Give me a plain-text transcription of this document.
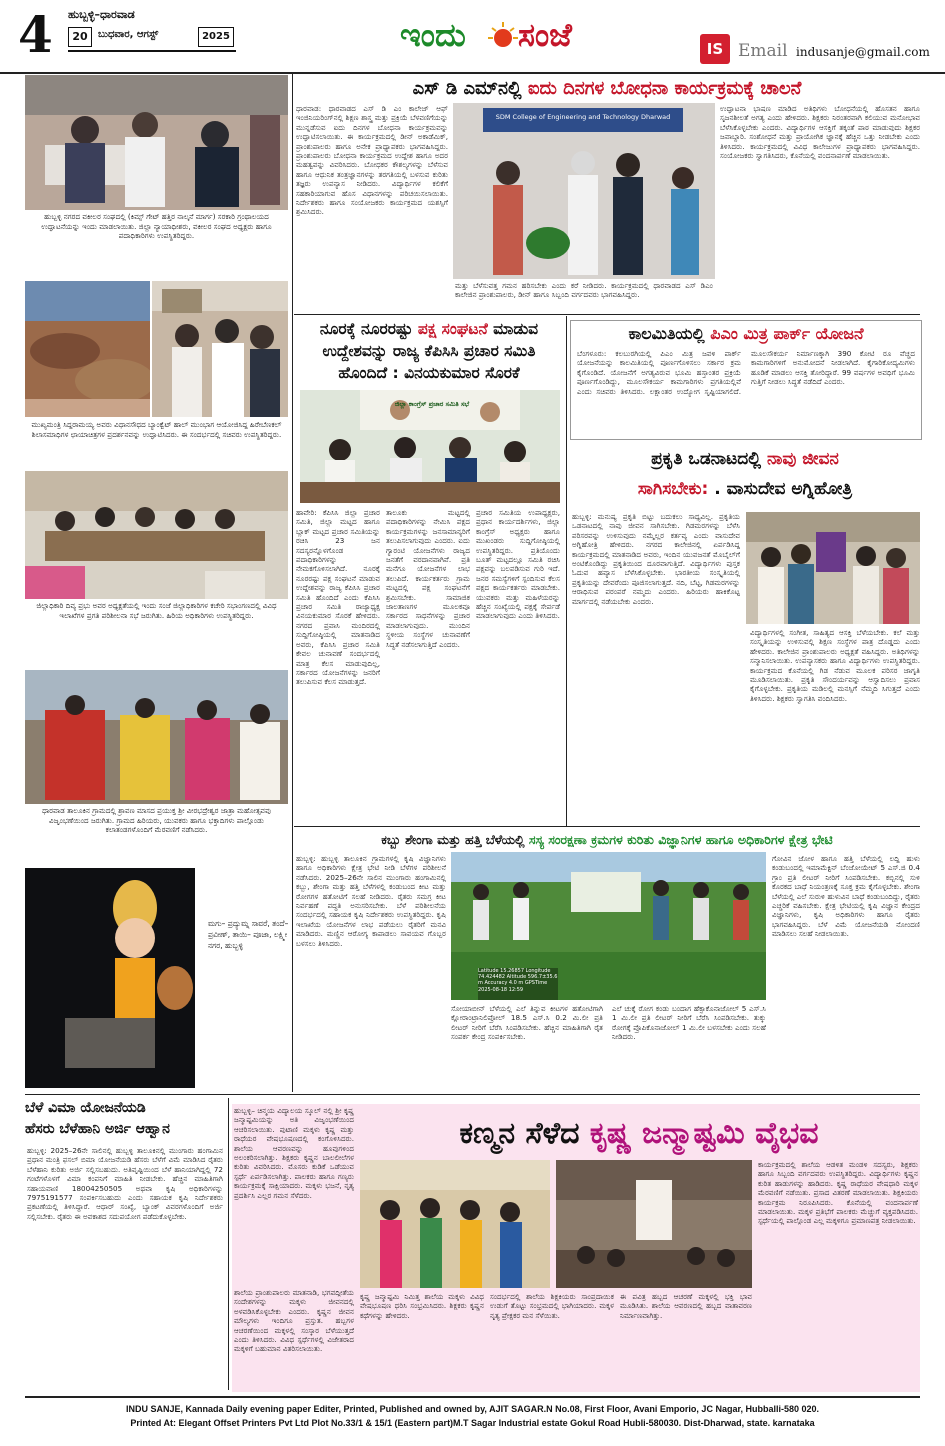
4 ಹುಬ್ಬಳ್ಳಿ–ಧಾರವಾಡ
20	ಬುಧವಾರ, ಆಗಸ್ಟ್	2025	ಇಂದು ಸಂಜೆ	IS Email indusanje@gmail.com
ಹುಬ್ಬಳ್ಳಿ ನಗರದ ವಕೀಲರ ಸಂಘದಲ್ಲಿ (ಕಿಮ್ಸ್ ಗೇಟ್ ಹತ್ತಿರ ನಾಲ್ಕನೆ ಮಾರ್ಗ) ಸರಕಾರಿ ಗ್ರಂಥಾಲಯದ ಉದ್ಘಾಟನೆಯನ್ನು ಇಂದು ಮಾಡಲಾಯಿತು. ಜಿಲ್ಲಾ ನ್ಯಾಯಾಧೀಶರು, ವಕೀಲರ ಸಂಘದ ಅಧ್ಯಕ್ಷರು ಹಾಗೂ ಪದಾಧಿಕಾರಿಗಳು ಉಪಸ್ಥಿತರಿದ್ದರು.
ಮುಖ್ಯಮಂತ್ರಿ ಸಿದ್ದರಾಮಯ್ಯ ಅವರು ವಿಧಾನಸೌಧದ ಬ್ಯಾಂಕ್ವೆಟ್ ಹಾಲ್ ಮುಂಭಾಗ ಆಯೋಜಿಸಿದ್ದ ಹಿರೇಬೆಣಕಲ್ ಶಿಲಾಸಮಾಧಿಗಳ ಛಾಯಾಚಿತ್ರಗಳ ಪ್ರದರ್ಶನವನ್ನು ಉದ್ಘಾಟಿಸಿದರು. ಈ ಸಂದರ್ಭದಲ್ಲಿ ಸಚಿವರು ಉಪಸ್ಥಿತರಿದ್ದರು.
ಜಿಲ್ಲಾಧಿಕಾರಿ ದಿವ್ಯ ಪ್ರಭು ಅವರ ಅಧ್ಯಕ್ಷತೆಯಲ್ಲಿ ಇಂದು ಸಂಜೆ ಜಿಲ್ಲಾಧಿಕಾರಿಗಳ ಕಚೇರಿ ಸಭಾಂಗಣದಲ್ಲಿ ವಿವಿಧ ಇಲಾಖೆಗಳ ಪ್ರಗತಿ ಪರಿಶೀಲನಾ ಸಭೆ ಜರುಗಿತು. ಹಿರಿಯ ಅಧಿಕಾರಿಗಳು ಉಪಸ್ಥಿತರಿದ್ದರು.
ಧಾರವಾಡ ತಾಲೂಕಿನ ಗ್ರಾಮದಲ್ಲಿ ಶ್ರಾವಣ ಮಾಸದ ಪ್ರಯುಕ್ತ ಶ್ರೀ ವೀರಭದ್ರೇಶ್ವರ ಜಾತ್ರಾ ಮಹೋತ್ಸವವು ವಿಜೃಂಭಣೆಯಿಂದ ಜರುಗಿತು. ಗ್ರಾಮದ ಹಿರಿಯರು, ಯುವಕರು ಹಾಗೂ ಭಕ್ತಾದಿಗಳು ಪಾಲ್ಗೊಂಡು ಕಲಾತಂಡಗಳೊಂದಿಗೆ ಮೆರವಣಿಗೆ ನಡೆಸಿದರು.
ಮಗು– ಪ್ರದ್ಯುಮ್ನ ಸಾವರೆ, ತಂದೆ– ಪ್ರವೀಣ್, ತಾಯಿ– ಪೂಜಾ, ಲಕ್ಷ್ಮೀ ನಗರ, ಹುಬ್ಬಳ್ಳಿ
ಎಸ್ ಡಿ ಎಮ್‌ನಲ್ಲಿ ಐದು ದಿನಗಳ ಬೋಧನಾ ಕಾರ್ಯಕ್ರಮಕ್ಕೆ ಚಾಲನೆ
ಧಾರವಾಡ: ಧಾರವಾಡದ ಎಸ್ ಡಿ ಎಂ ಕಾಲೇಜ್ ಆಫ್ ಇಂಜಿನಿಯರಿಂಗ್‌ನಲ್ಲಿ ಶಿಕ್ಷಣ ಶಾಸ್ತ್ರ ಮತ್ತು ಪ್ರಕ್ರಿಯೆ ಬೆಳವಣಿಗೆಯನ್ನು ಮುನ್ನಡೆಸುವ ಐದು ದಿನಗಳ ಬೋಧನಾ ಕಾರ್ಯಕ್ರಮವನ್ನು ಉದ್ಘಾಟಿಸಲಾಯಿತು. ಈ ಕಾರ್ಯಕ್ರಮದಲ್ಲಿ ಡೀನ್ ಅಕಾಡೆಮಿಕ್, ಪ್ರಾಂಶುಪಾಲರು ಹಾಗೂ ಅನೇಕ ಪ್ರಾಧ್ಯಾಪಕರು ಭಾಗವಹಿಸಿದ್ದರು. ಪ್ರಾಂಶುಪಾಲರು ಬೋಧನಾ ಕಾರ್ಯಕ್ರಮದ ಉದ್ದೇಶ ಹಾಗೂ ಅದರ ಮಹತ್ವವನ್ನು ವಿವರಿಸಿದರು. ಬೋಧಕರ ಕೌಶಲ್ಯಗಳನ್ನು ಬೆಳೆಸುವ ಹಾಗೂ ಆಧುನಿಕ ತಂತ್ರಜ್ಞಾನಗಳನ್ನು ತರಗತಿಯಲ್ಲಿ ಬಳಸುವ ಕುರಿತು ತಜ್ಞರು ಉಪನ್ಯಾಸ ನೀಡಿದರು. ವಿದ್ಯಾರ್ಥಿಗಳ ಕಲಿಕೆಗೆ ಸಹಕಾರಿಯಾಗುವ ಹೊಸ ವಿಧಾನಗಳನ್ನು ಪರಿಚಯಿಸಲಾಯಿತು. ನಿರ್ದೇಶಕರು ಹಾಗೂ ಸಂಯೋಜಕರು ಕಾರ್ಯಕ್ರಮದ ಯಶಸ್ಸಿಗೆ ಶ್ರಮಿಸಿದರು.
SDM College of Engineering and Technology Dharwad
ಮತ್ತು ಬೆಳೆಸುವತ್ತ ಗಮನ ಹರಿಸಬೇಕು ಎಂದು ಕರೆ ನೀಡಿದರು. ಕಾರ್ಯಕ್ರಮದಲ್ಲಿ ಧಾರವಾಡದ ಎಸ್ ಡಿಎಂ ಕಾಲೇಜಿನ ಪ್ರಾಂಶುಪಾಲರು, ಡೀನ್ ಹಾಗೂ ಸಿಬ್ಬಂದಿ ವರ್ಗದವರು ಭಾಗವಹಿಸಿದ್ದರು.
ಉದ್ಘಾಟನಾ ಭಾಷಣ ಮಾಡಿದ ಅತಿಥಿಗಳು ಬೋಧನೆಯಲ್ಲಿ ಹೊಸತನ ಹಾಗೂ ಸೃಜನಶೀಲತೆ ಅಗತ್ಯ ಎಂದು ಹೇಳಿದರು. ಶಿಕ್ಷಕರು ನಿರಂತರವಾಗಿ ಕಲಿಯುವ ಮನೋಭಾವ ಬೆಳೆಸಿಕೊಳ್ಳಬೇಕು ಎಂದರು. ವಿದ್ಯಾರ್ಥಿಗಳ ಆಸಕ್ತಿಗೆ ತಕ್ಕಂತೆ ಪಾಠ ಮಾಡುವುದು ಶಿಕ್ಷಕರ ಜವಾಬ್ದಾರಿ. ಸಂಶೋಧನೆ ಮತ್ತು ಪ್ರಾಯೋಗಿಕ ಜ್ಞಾನಕ್ಕೆ ಹೆಚ್ಚಿನ ಒತ್ತು ನೀಡಬೇಕು ಎಂದು ತಿಳಿಸಿದರು. ಕಾರ್ಯಕ್ರಮದಲ್ಲಿ ವಿವಿಧ ಕಾಲೇಜುಗಳ ಪ್ರಾಧ್ಯಾಪಕರು ಭಾಗವಹಿಸಿದ್ದರು. ಸಂಯೋಜಕರು ಸ್ವಾಗತಿಸಿದರು, ಕೊನೆಯಲ್ಲಿ ವಂದನಾರ್ಪಣೆ ಮಾಡಲಾಯಿತು.
ನೂರಕ್ಕೆ ನೂರರಷ್ಟು ಪಕ್ಷ ಸಂಘಟನೆ ಮಾಡುವ
ಉದ್ದೇಶವನ್ನು ರಾಜ್ಯ ಕೆಪಿಸಿಸಿ ಪ್ರಚಾರ ಸಮಿತಿ
ಹೊಂದಿದೆ : ವಿನಯಕುಮಾರ ಸೊರಕೆ
ಜಿಲ್ಲಾ ಕಾಂಗ್ರೆಸ್ ಪ್ರಚಾರ ಸಮಿತಿ ಸಭೆ
ಹಾವೇರಿ: ಕೆಪಿಸಿಸಿ ಜಿಲ್ಲಾ ಪ್ರಚಾರ ಸಮಿತಿ, ಜಿಲ್ಲಾ ಮಟ್ಟದ ಹಾಗೂ ಬ್ಲಾಕ್ ಮಟ್ಟದ ಪ್ರಚಾರ ಸಮಿತಿಯನ್ನು ರಚಿಸಿ 23 ಜನ ಸದಸ್ಯರನ್ನೊಳಗೊಂಡ ಪದಾಧಿಕಾರಿಗಳನ್ನು ನೇಮಕಗೊಳಿಸಲಾಗಿದೆ. ನೂರಕ್ಕೆ ನೂರರಷ್ಟು ಪಕ್ಷ ಸಂಘಟನೆ ಮಾಡುವ ಉದ್ದೇಶವನ್ನು ರಾಜ್ಯ ಕೆಪಿಸಿಸಿ ಪ್ರಚಾರ ಸಮಿತಿ ಹೊಂದಿದೆ ಎಂದು ಕೆಪಿಸಿಸಿ ಪ್ರಚಾರ ಸಮಿತಿ ರಾಜ್ಯಾಧ್ಯಕ್ಷ ವಿನಯಕುಮಾರ ಸೊರಕೆ ಹೇಳಿದರು. ನಗರದ ಪ್ರವಾಸಿ ಮಂದಿರದಲ್ಲಿ ಸುದ್ದಿಗೋಷ್ಠಿಯಲ್ಲಿ ಮಾತನಾಡಿದ ಅವರು, ಕೆಪಿಸಿಸಿ ಪ್ರಚಾರ ಸಮಿತಿ ಕೇವಲ ಚುನಾವಣೆ ಸಂದರ್ಭದಲ್ಲಿ ಮಾತ್ರ ಕೆಲಸ ಮಾಡುವುದಿಲ್ಲ, ಸರ್ಕಾರದ ಯೋಜನೆಗಳನ್ನು ಜನರಿಗೆ ತಲುಪಿಸುವ ಕೆಲಸ ಮಾಡುತ್ತದೆ.
ತಾಲೂಕು ಮಟ್ಟದಲ್ಲಿ ಪದಾಧಿಕಾರಿಗಳನ್ನು ನೇಮಿಸಿ ಪಕ್ಷದ ಕಾರ್ಯಕ್ರಮಗಳನ್ನು ಜನಸಾಮಾನ್ಯರಿಗೆ ತಲುಪಿಸಲಾಗುವುದು ಎಂದರು. ಐದು ಗ್ಯಾರಂಟಿ ಯೋಜನೆಗಳು ರಾಜ್ಯದ ಜನತೆಗೆ ವರದಾನವಾಗಿವೆ. ಪ್ರತಿ ಮನೆಗೂ ಯೋಜನೆಗಳ ಲಾಭ ತಲುಪಿದೆ. ಕಾರ್ಯಕರ್ತರು ಗ್ರಾಮ ಮಟ್ಟದಲ್ಲಿ ಪಕ್ಷ ಸಂಘಟನೆಗೆ ಶ್ರಮಿಸಬೇಕು. ಸಾಮಾಜಿಕ ಜಾಲತಾಣಗಳ ಮೂಲಕವೂ ಸರ್ಕಾರದ ಸಾಧನೆಗಳನ್ನು ಪ್ರಚಾರ ಮಾಡಲಾಗುವುದು. ಮುಂದಿನ ಸ್ಥಳೀಯ ಸಂಸ್ಥೆಗಳ ಚುನಾವಣೆಗೆ ಸಿದ್ಧತೆ ನಡೆಸಲಾಗುತ್ತಿದೆ ಎಂದರು.
ಪ್ರಚಾರ ಸಮಿತಿಯ ಉಪಾಧ್ಯಕ್ಷರು, ಪ್ರಧಾನ ಕಾರ್ಯದರ್ಶಿಗಳು, ಜಿಲ್ಲಾ ಕಾಂಗ್ರೆಸ್ ಅಧ್ಯಕ್ಷರು ಹಾಗೂ ಮುಖಂಡರು ಸುದ್ದಿಗೋಷ್ಠಿಯಲ್ಲಿ ಉಪಸ್ಥಿತರಿದ್ದರು. ಪ್ರತಿಯೊಂದು ಬೂತ್ ಮಟ್ಟದಲ್ಲೂ ಸಮಿತಿ ರಚಿಸಿ ಪಕ್ಷವನ್ನು ಬಲಪಡಿಸುವ ಗುರಿ ಇದೆ. ಜನರ ಸಮಸ್ಯೆಗಳಿಗೆ ಸ್ಪಂದಿಸುವ ಕೆಲಸ ಪಕ್ಷದ ಕಾರ್ಯಕರ್ತರು ಮಾಡಬೇಕು. ಯುವಕರು ಮತ್ತು ಮಹಿಳೆಯರನ್ನು ಹೆಚ್ಚಿನ ಸಂಖ್ಯೆಯಲ್ಲಿ ಪಕ್ಷಕ್ಕೆ ಸೇರ್ಪಡೆ ಮಾಡಲಾಗುವುದು ಎಂದು ತಿಳಿಸಿದರು.
ಕಾಲಮಿತಿಯಲ್ಲಿ ಪಿಎಂ ಮಿತ್ರ ಪಾರ್ಕ್ ಯೋಜನೆ
ಬೆಂಗಳೂರು: ಕಲಬುರಗಿಯಲ್ಲಿ ಪಿಎಂ ಮಿತ್ರ ಜವಳಿ ಪಾರ್ಕ್ ಯೋಜನೆಯನ್ನು ಕಾಲಮಿತಿಯಲ್ಲಿ ಪೂರ್ಣಗೊಳಿಸಲು ಸರ್ಕಾರ ಕ್ರಮ ಕೈಗೊಂಡಿದೆ. ಯೋಜನೆಗೆ ಅಗತ್ಯವಿರುವ ಭೂಮಿ ಹಸ್ತಾಂತರ ಪ್ರಕ್ರಿಯೆ ಪೂರ್ಣಗೊಂಡಿದ್ದು, ಮೂಲಸೌಕರ್ಯ ಕಾಮಗಾರಿಗಳು ಪ್ರಗತಿಯಲ್ಲಿವೆ ಎಂದು ಸಚಿವರು ತಿಳಿಸಿದರು. ಲಕ್ಷಾಂತರ ಉದ್ಯೋಗ ಸೃಷ್ಟಿಯಾಗಲಿದೆ. ಮೂಲಸೌಕರ್ಯ ನಿರ್ಮಾಣಕ್ಕಾಗಿ 390 ಕೋಟಿ ರೂ ವೆಚ್ಚದ ಕಾಮಗಾರಿಗಳಿಗೆ ಅನುಮೋದನೆ ನೀಡಲಾಗಿದೆ. ಕೈಗಾರಿಕೋದ್ಯಮಿಗಳು ಹೂಡಿಕೆ ಮಾಡಲು ಆಸಕ್ತಿ ತೋರಿದ್ದಾರೆ. 99 ವರ್ಷಗಳ ಅವಧಿಗೆ ಭೂಮಿ ಗುತ್ತಿಗೆ ನೀಡಲು ಸಿದ್ಧತೆ ನಡೆದಿದೆ ಎಂದರು.
ಪ್ರಕೃತಿ ಒಡನಾಟದಲ್ಲಿ ನಾವು ಜೀವನ
ಸಾಗಿಸಬೇಕು: . ವಾಸುದೇವ ಅಗ್ನಿಹೋತ್ರಿ
ಹುಬ್ಬಳ್ಳಿ: ಮನುಷ್ಯ ಪ್ರಕೃತಿ ಬಿಟ್ಟು ಬದುಕಲು ಸಾಧ್ಯವಿಲ್ಲ. ಪ್ರಕೃತಿಯ ಒಡನಾಟದಲ್ಲಿ ನಾವು ಜೀವನ ಸಾಗಿಸಬೇಕು. ಗಿಡಮರಗಳನ್ನು ಬೆಳೆಸಿ ಪರಿಸರವನ್ನು ಉಳಿಸುವುದು ನಮ್ಮೆಲ್ಲರ ಕರ್ತವ್ಯ ಎಂದು ವಾಸುದೇವ ಅಗ್ನಿಹೋತ್ರಿ ಹೇಳಿದರು. ನಗರದ ಕಾಲೇಜಿನಲ್ಲಿ ಏರ್ಪಡಿಸಿದ್ದ ಕಾರ್ಯಕ್ರಮದಲ್ಲಿ ಮಾತನಾಡಿದ ಅವರು, ಇಂದಿನ ಯುವಜನತೆ ಮೊಬೈಲ್‌ಗೆ ಅಂಟಿಕೊಂಡಿದ್ದು ಪ್ರಕೃತಿಯಿಂದ ದೂರವಾಗುತ್ತಿದೆ. ವಿದ್ಯಾರ್ಥಿಗಳು ಪುಸ್ತಕ ಓದುವ ಹವ್ಯಾಸ ಬೆಳೆಸಿಕೊಳ್ಳಬೇಕು. ಭಾರತೀಯ ಸಂಸ್ಕೃತಿಯಲ್ಲಿ ಪ್ರಕೃತಿಯನ್ನು ದೇವರೆಂದು ಪೂಜಿಸಲಾಗುತ್ತದೆ. ನದಿ, ಬೆಟ್ಟ, ಗಿಡಮರಗಳನ್ನು ಆರಾಧಿಸುವ ಪರಂಪರೆ ನಮ್ಮದು ಎಂದರು. ಹಿರಿಯರು ಹಾಕಿಕೊಟ್ಟ ಮಾರ್ಗದಲ್ಲಿ ನಡೆಯಬೇಕು ಎಂದರು.
ವಿದ್ಯಾರ್ಥಿಗಳಲ್ಲಿ ಸಂಗೀತ, ಸಾಹಿತ್ಯದ ಆಸಕ್ತಿ ಬೆಳೆಯಬೇಕು. ಕಲೆ ಮತ್ತು ಸಂಸ್ಕೃತಿಯನ್ನು ಉಳಿಸುವಲ್ಲಿ ಶಿಕ್ಷಣ ಸಂಸ್ಥೆಗಳ ಪಾತ್ರ ದೊಡ್ಡದು ಎಂದು ಹೇಳಿದರು. ಕಾಲೇಜಿನ ಪ್ರಾಂಶುಪಾಲರು ಅಧ್ಯಕ್ಷತೆ ವಹಿಸಿದ್ದರು. ಅತಿಥಿಗಳನ್ನು ಸನ್ಮಾನಿಸಲಾಯಿತು. ಉಪನ್ಯಾಸಕರು ಹಾಗೂ ವಿದ್ಯಾರ್ಥಿಗಳು ಉಪಸ್ಥಿತರಿದ್ದರು. ಕಾರ್ಯಕ್ರಮದ ಕೊನೆಯಲ್ಲಿ ಗಿಡ ನೆಡುವ ಮೂಲಕ ಪರಿಸರ ಜಾಗೃತಿ ಮೂಡಿಸಲಾಯಿತು. ಪ್ರಕೃತಿ ಸೌಂದರ್ಯವನ್ನು ಆಸ್ವಾದಿಸಲು ಪ್ರವಾಸ ಕೈಗೊಳ್ಳಬೇಕು. ಪ್ರಕೃತಿಯ ಮಡಿಲಲ್ಲಿ ಮನಸ್ಸಿಗೆ ನೆಮ್ಮದಿ ಸಿಗುತ್ತದೆ ಎಂದು ತಿಳಿಸಿದರು. ಶಿಕ್ಷಕರು ಸ್ವಾಗತಿಸಿ ವಂದಿಸಿದರು.
ಕಬ್ಬು ಶೇಂಗಾ ಮತ್ತು ಹತ್ತಿ ಬೆಳೆಯಲ್ಲಿ ಸಸ್ಯ ಸಂರಕ್ಷಣಾ ಕ್ರಮಗಳ ಕುರಿತು ವಿಜ್ಞಾನಿಗಳ ಹಾಗೂ ಅಧಿಕಾರಿಗಳ ಕ್ಷೇತ್ರ ಭೇಟಿ
ಹುಬ್ಬಳ್ಳಿ: ಹುಬ್ಬಳ್ಳಿ ತಾಲೂಕಿನ ಗ್ರಾಮಗಳಲ್ಲಿ ಕೃಷಿ ವಿಜ್ಞಾನಿಗಳು ಹಾಗೂ ಅಧಿಕಾರಿಗಳು ಕ್ಷೇತ್ರ ಭೇಟಿ ನೀಡಿ ಬೆಳೆಗಳ ಪರಿಶೀಲನೆ ನಡೆಸಿದರು. 2025–26ನೇ ಸಾಲಿನ ಮುಂಗಾರು ಹಂಗಾಮಿನಲ್ಲಿ ಕಬ್ಬು, ಶೇಂಗಾ ಮತ್ತು ಹತ್ತಿ ಬೆಳೆಗಳಲ್ಲಿ ಕಂಡುಬಂದ ಕೀಟ ಮತ್ತು ರೋಗಗಳ ಹತೋಟಿಗೆ ಸಲಹೆ ನೀಡಿದರು. ರೈತರು ಸಮಗ್ರ ಕೀಟ ನಿರ್ವಹಣೆ ಪದ್ಧತಿ ಅನುಸರಿಸಬೇಕು. ಬೆಳೆ ಪರಿಶೀಲನೆಯ ಸಂದರ್ಭದಲ್ಲಿ ಸಹಾಯಕ ಕೃಷಿ ನಿರ್ದೇಶಕರು ಉಪಸ್ಥಿತರಿದ್ದರು. ಕೃಷಿ ಇಲಾಖೆಯ ಯೋಜನೆಗಳ ಲಾಭ ಪಡೆಯಲು ರೈತರಿಗೆ ಮನವಿ ಮಾಡಿದರು. ಮಣ್ಣಿನ ಆರೋಗ್ಯ ಕಾಪಾಡಲು ಸಾವಯವ ಗೊಬ್ಬರ ಬಳಸಲು ತಿಳಿಸಿದರು.
Latitude 15.26857 Longitude 74.424482 Altitude 596.7±35.6 m Accuracy 4.0 m GPSTime 2025-08-18 12:59
ಸೋಯಾಬೀನ್ ಬೆಳೆಯಲ್ಲಿ ಎಲೆ ತಿನ್ನುವ ಕೀಟಗಳ ಹತೋಟಿಗಾಗಿ ಕ್ಲೋರಾಂಟ್ರಾನಿಲಿಪ್ರೋಲ್ 18.5 ಎಸ್.ಸಿ 0.2 ಮಿ.ಲೀ ಪ್ರತಿ ಲೀಟರ್ ನೀರಿಗೆ ಬೆರೆಸಿ ಸಿಂಪಡಿಸಬೇಕು. ಹೆಚ್ಚಿನ ಮಾಹಿತಿಗಾಗಿ ರೈತ ಸಂಪರ್ಕ ಕೇಂದ್ರ ಸಂಪರ್ಕಿಸಬೇಕು.
ಎಲೆ ಚುಕ್ಕೆ ರೋಗ ಕಂಡು ಬಂದಾಗ ಹೆಕ್ಸಾಕೊನಾಜೋಲ್ 5 ಎಸ್.ಸಿ 1 ಮಿ.ಲೀ ಪ್ರತಿ ಲೀಟರ್ ನೀರಿಗೆ ಬೆರೆಸಿ ಸಿಂಪಡಿಸಬೇಕು. ತುಕ್ಕು ರೋಗಕ್ಕೆ ಪ್ರೊಪಿಕೊನಾಜೋಲ್ 1 ಮಿ.ಲೀ ಬಳಸಬೇಕು ಎಂದು ಸಲಹೆ ನೀಡಿದರು.
ಗೋವಿನ ಜೋಳ ಹಾಗೂ ಹತ್ತಿ ಬೆಳೆಯಲ್ಲಿ ಲದ್ದಿ ಹುಳು ಕಂಡುಬಂದಲ್ಲಿ ಇಮಾಮೆಕ್ಟಿನ್ ಬೆಂಜೋಯೇಟ್ 5 ಎಸ್.ಜಿ 0.4 ಗ್ರಾಂ ಪ್ರತಿ ಲೀಟರ್ ನೀರಿಗೆ ಸಿಂಪಡಿಸಬೇಕು. ಕಬ್ಬಿನಲ್ಲಿ ಸುಳಿ ಕೊರಕದ ಬಾಧೆ ನಿಯಂತ್ರಣಕ್ಕೆ ಸೂಕ್ತ ಕ್ರಮ ಕೈಗೊಳ್ಳಬೇಕು. ಶೇಂಗಾ ಬೆಳೆಯಲ್ಲಿ ಎಲೆ ಸುರುಳಿ ಹುಳುವಿನ ಬಾಧೆ ಕಂಡುಬಂದಿದ್ದು, ರೈತರು ಎಚ್ಚರಿಕೆ ವಹಿಸಬೇಕು. ಕ್ಷೇತ್ರ ಭೇಟಿಯಲ್ಲಿ ಕೃಷಿ ವಿಜ್ಞಾನ ಕೇಂದ್ರದ ವಿಜ್ಞಾನಿಗಳು, ಕೃಷಿ ಅಧಿಕಾರಿಗಳು ಹಾಗೂ ರೈತರು ಭಾಗವಹಿಸಿದ್ದರು. ಬೆಳೆ ವಿಮೆ ಯೋಜನೆಯಡಿ ನೋಂದಣಿ ಮಾಡಿಸಲು ಸಲಹೆ ನೀಡಲಾಯಿತು.
ಬೆಳೆ ವಿಮಾ ಯೋಜನೆಯಡಿ
ಹೆಸರು ಬೆಳೆಹಾನಿ ಅರ್ಜಿ ಆಹ್ವಾನ
ಹುಬ್ಬಳ್ಳಿ: 2025–26ನೇ ಸಾಲಿನಲ್ಲಿ ಹುಬ್ಬಳ್ಳಿ ತಾಲೂಕಿನಲ್ಲಿ ಮುಂಗಾರು ಹಂಗಾಮಿನ ಪ್ರಧಾನ ಮಂತ್ರಿ ಫಸಲ್ ಬಿಮಾ ಯೋಜನೆಯಡಿ ಹೆಸರು ಬೆಳೆಗೆ ವಿಮೆ ಮಾಡಿಸಿದ ರೈತರು ಬೆಳೆಹಾನಿ ಕುರಿತು ಅರ್ಜಿ ಸಲ್ಲಿಸಬಹುದು. ಅತಿವೃಷ್ಟಿಯಿಂದ ಬೆಳೆ ಹಾನಿಯಾಗಿದ್ದಲ್ಲಿ 72 ಗಂಟೆಗಳೊಳಗೆ ವಿಮಾ ಕಂಪನಿಗೆ ಮಾಹಿತಿ ನೀಡಬೇಕು. ಹೆಚ್ಚಿನ ಮಾಹಿತಿಗಾಗಿ ಸಹಾಯವಾಣಿ 18004250505 ಅಥವಾ ಕೃಷಿ ಅಧಿಕಾರಿಗಳನ್ನು 7975191577 ಸಂಪರ್ಕಿಸಬಹುದು ಎಂದು ಸಹಾಯಕ ಕೃಷಿ ನಿರ್ದೇಶಕರು ಪ್ರಕಟಣೆಯಲ್ಲಿ ತಿಳಿಸಿದ್ದಾರೆ. ಆಧಾರ್ ಸಂಖ್ಯೆ, ಬ್ಯಾಂಕ್ ವಿವರಗಳೊಂದಿಗೆ ಅರ್ಜಿ ಸಲ್ಲಿಸಬೇಕು. ರೈತರು ಈ ಅವಕಾಶದ ಸದುಪಯೋಗ ಪಡೆದುಕೊಳ್ಳಬೇಕು.
ಕಣ್ಮನ ಸೆಳೆದ ಕೃಷ್ಣ ಜನ್ಮಾಷ್ಟಮಿ ವೈಭವ
ಹುಬ್ಬಳ್ಳಿ– ಚಿನ್ಮಯ ವಿದ್ಯಾಲಯ ಸ್ಕೂಲ್ ನಲ್ಲಿ ಶ್ರೀ ಕೃಷ್ಣ ಜನ್ಮಾಷ್ಟಮಿಯನ್ನು ಅತಿ ವಿಜೃಂಭಣೆಯಿಂದ ಆಚರಿಸಲಾಯಿತು. ಪುಟಾಣಿ ಮಕ್ಕಳು ಕೃಷ್ಣ ಮತ್ತು ರಾಧೆಯರ ವೇಷಭೂಷಣದಲ್ಲಿ ಕಂಗೊಳಿಸಿದರು. ಶಾಲೆಯ ಆವರಣವನ್ನು ಹೂವುಗಳಿಂದ ಅಲಂಕರಿಸಲಾಗಿತ್ತು. ಶಿಕ್ಷಕರು ಕೃಷ್ಣನ ಬಾಲಲೀಲೆಗಳ ಕುರಿತು ವಿವರಿಸಿದರು. ಮೊಸರು ಕುಡಿಕೆ ಒಡೆಯುವ ಸ್ಪರ್ಧೆ ಏರ್ಪಡಿಸಲಾಗಿತ್ತು. ಪಾಲಕರು ಹಾಗೂ ಗಣ್ಯರು ಕಾರ್ಯಕ್ರಮಕ್ಕೆ ಸಾಕ್ಷಿಯಾದರು. ಮಕ್ಕಳು ಭಜನೆ, ನೃತ್ಯ ಪ್ರದರ್ಶಿಸಿ ಎಲ್ಲರ ಗಮನ ಸೆಳೆದರು.
ಶಾಲೆಯ ಪ್ರಾಂಶುಪಾಲರು ಮಾತನಾಡಿ, ಭಗವದ್ಗೀತೆಯ ಸಂದೇಶಗಳನ್ನು ಮಕ್ಕಳು ಜೀವನದಲ್ಲಿ ಅಳವಡಿಸಿಕೊಳ್ಳಬೇಕು ಎಂದರು. ಕೃಷ್ಣನ ಜೀವನ ಮೌಲ್ಯಗಳು ಇಂದಿಗೂ ಪ್ರಸ್ತುತ. ಹಬ್ಬಗಳ ಆಚರಣೆಯಿಂದ ಮಕ್ಕಳಲ್ಲಿ ಸಂಸ್ಕಾರ ಬೆಳೆಯುತ್ತದೆ ಎಂದು ತಿಳಿಸಿದರು. ವಿವಿಧ ಸ್ಪರ್ಧೆಗಳಲ್ಲಿ ವಿಜೇತರಾದ ಮಕ್ಕಳಿಗೆ ಬಹುಮಾನ ವಿತರಿಸಲಾಯಿತು.
ಕಾರ್ಯಕ್ರಮದಲ್ಲಿ ಶಾಲೆಯ ಆಡಳಿತ ಮಂಡಳಿ ಸದಸ್ಯರು, ಶಿಕ್ಷಕರು ಹಾಗೂ ಸಿಬ್ಬಂದಿ ವರ್ಗದವರು ಉಪಸ್ಥಿತರಿದ್ದರು. ವಿದ್ಯಾರ್ಥಿಗಳು ಕೃಷ್ಣನ ಕುರಿತ ಹಾಡುಗಳನ್ನು ಹಾಡಿದರು. ಕೃಷ್ಣ ರಾಧೆಯರ ವೇಷಧಾರಿ ಮಕ್ಕಳ ಮೆರವಣಿಗೆ ನಡೆಯಿತು. ಪ್ರಸಾದ ವಿತರಣೆ ಮಾಡಲಾಯಿತು. ಶಿಕ್ಷಕಿಯರು ಕಾರ್ಯಕ್ರಮ ನಿರೂಪಿಸಿದರು. ಕೊನೆಯಲ್ಲಿ ವಂದನಾರ್ಪಣೆ ಮಾಡಲಾಯಿತು. ಮಕ್ಕಳ ಪ್ರತಿಭೆಗೆ ಪಾಲಕರು ಮೆಚ್ಚುಗೆ ವ್ಯಕ್ತಪಡಿಸಿದರು. ಸ್ಪರ್ಧೆಯಲ್ಲಿ ಪಾಲ್ಗೊಂಡ ಎಲ್ಲ ಮಕ್ಕಳಿಗೂ ಪ್ರಮಾಣಪತ್ರ ನೀಡಲಾಯಿತು.
ಕೃಷ್ಣ ಜನ್ಮಾಷ್ಟಮಿ ನಿಮಿತ್ತ ಶಾಲೆಯ ಮಕ್ಕಳು ವಿವಿಧ ವೇಷಭೂಷಣ ಧರಿಸಿ ಸಂಭ್ರಮಿಸಿದರು. ಶಿಕ್ಷಕರು ಕೃಷ್ಣನ ಕಥೆಗಳನ್ನು ಹೇಳಿದರು.
ಸಂದರ್ಭದಲ್ಲಿ ಶಾಲೆಯ ಶಿಕ್ಷಕಿಯರು ಸಾಂಪ್ರದಾಯಿಕ ಉಡುಗೆ ತೊಟ್ಟು ಸಂಭ್ರಮದಲ್ಲಿ ಭಾಗಿಯಾದರು. ಮಕ್ಕಳ ನೃತ್ಯ ಪ್ರೇಕ್ಷಕರ ಮನ ಸೆಳೆಯಿತು.
ಈ ಪವಿತ್ರ ಹಬ್ಬದ ಆಚರಣೆ ಮಕ್ಕಳಲ್ಲಿ ಭಕ್ತಿ ಭಾವ ಮೂಡಿಸಿತು. ಶಾಲೆಯ ಆವರಣದಲ್ಲಿ ಹಬ್ಬದ ವಾತಾವರಣ ನಿರ್ಮಾಣವಾಗಿತ್ತು.
INDU SANJE, Kannada Daily evening paper Editer, Printed, Published and owned by, AJIT SAGAR.N No.08, First Floor, Avani Emporio, JC Nagar, Hubballi-580 020.
Printed At: Elegant Offset Printers Pvt Ltd Plot No.33/1 & 15/1 (Eastern part)M.T Sagar Industrial estate Gokul Road Hubli-580030. Dist-Dharwad, state. karnataka
